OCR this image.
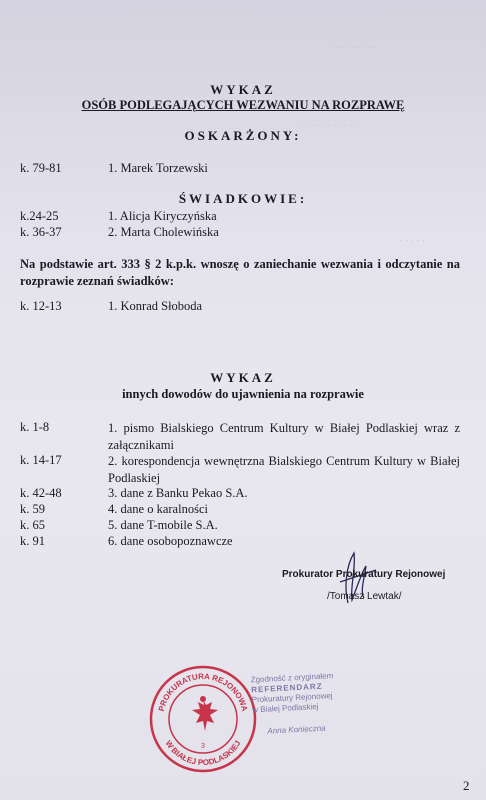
· · · · · · · · ·
· · · · · · · · · · ·
· · · · ·
WYKAZ
OSÓB PODLEGAJĄCYCH WEZWANIU NA ROZPRAWĘ
OSKARŻONY:
k. 79-81	1. Marek Torzewski
ŚWIADKOWIE:
k.24-25	1. Alicja Kiryczyńska
k. 36-37	2. Marta Cholewińska
Na podstawie art. 333 § 2 k.p.k. wnoszę o zaniechanie wezwania i odczytanie na rozprawie zeznań świadków:
k. 12-13	1. Konrad Słoboda
WYKAZ
innych dowodów do ujawnienia na rozprawie
k. 1-8	1. pismo Bialskiego Centrum Kultury w Białej Podlaskiej wraz z załącznikami
k. 14-17	2. korespondencja wewnętrzna Bialskiego Centrum Kultury w Białej Podlaskiej
k. 42-48	3. dane z Banku Pekao S.A.
k. 59	4. dane o karalności
k. 65	5. dane T-mobile S.A.
k. 91	6. dane osobopoznawcze
Prokurator Prokuratury Rejonowej
/Tomasz Lewtak/
PROKURATURA REJONOWA
W BIAŁEJ PODLASKIEJ
3
Zgodność z oryginałem
REFERENDARZ
Prokuratury Rejonowej
w Białej Podlaskiej
Anna Konieczna
2
